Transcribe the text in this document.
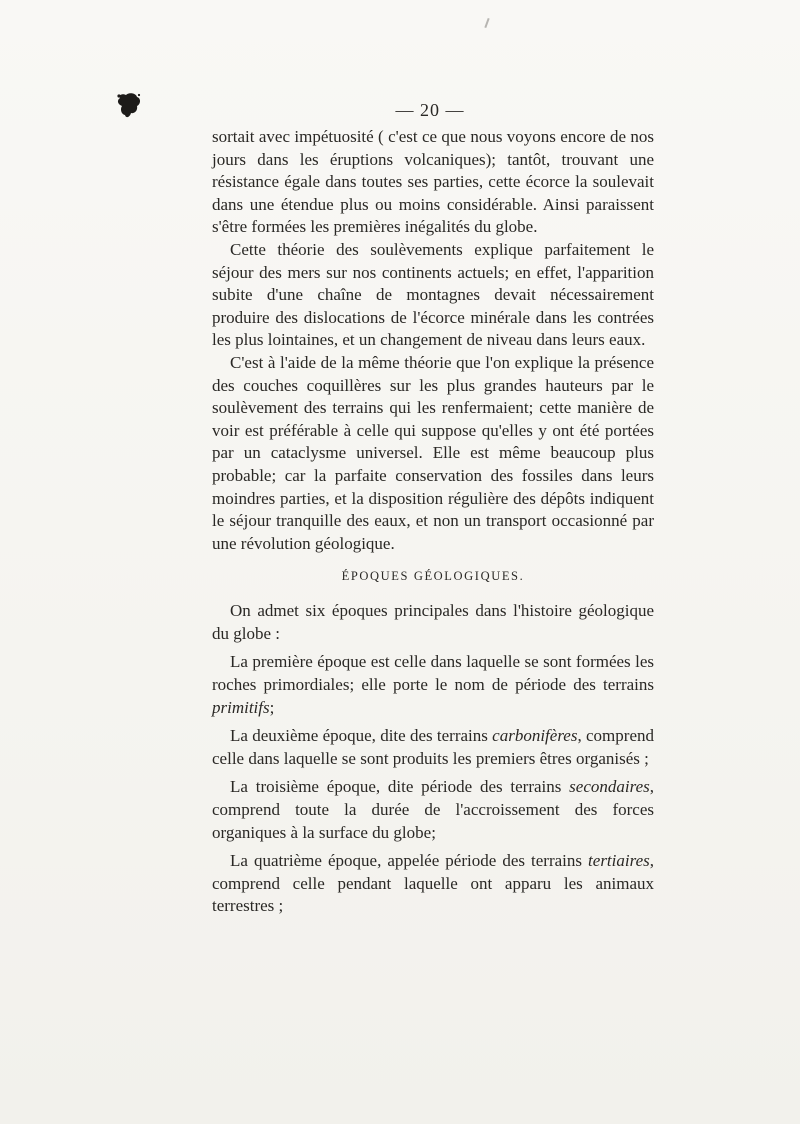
— 20 —

sortait avec impétuosité ( c'est ce que nous voyons encore de nos jours dans les éruptions volcaniques); tantôt, trouvant une résistance égale dans toutes ses parties, cette écorce la soulevait dans une étendue plus ou moins considérable. Ainsi paraissent s'être formées les premières inégalités du globe.

Cette théorie des soulèvements explique parfaitement le séjour des mers sur nos continents actuels; en effet, l'apparition subite d'une chaîne de montagnes devait nécessairement produire des dislocations de l'écorce minérale dans les contrées les plus lointaines, et un changement de niveau dans leurs eaux.

C'est à l'aide de la même théorie que l'on explique la présence des couches coquillères sur les plus grandes hauteurs par le soulèvement des terrains qui les renfermaient; cette manière de voir est préférable à celle qui suppose qu'elles y ont été portées par un cataclysme universel. Elle est même beaucoup plus probable; car la parfaite conservation des fossiles dans leurs moindres parties, et la disposition régulière des dépôts indiquent le séjour tranquille des eaux, et non un transport occasionné par une révolution géologique.

ÉPOQUES GÉOLOGIQUES.

On admet six époques principales dans l'histoire géologique du globe :

La première époque est celle dans laquelle se sont formées les roches primordiales; elle porte le nom de période des terrains primitifs;

La deuxième époque, dite des terrains carbonifères, comprend celle dans laquelle se sont produits les premiers êtres organisés ;

La troisième époque, dite période des terrains secondaires, comprend toute la durée de l'accroissement des forces organiques à la surface du globe;

La quatrième époque, appelée période des terrains tertiaires, comprend celle pendant laquelle ont apparu les animaux terrestres ;
